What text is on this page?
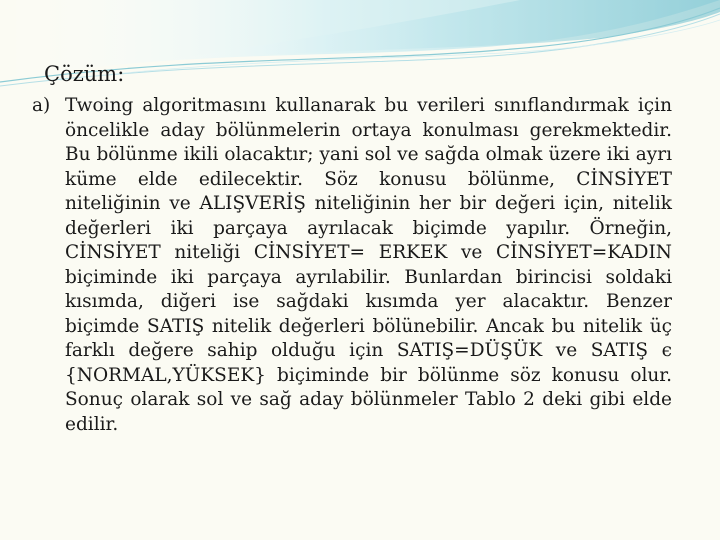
Çözüm:
a) Twoing algoritmasını kullanarak bu verileri sınıflandırmak için öncelikle aday bölünmelerin ortaya konulması gerekmektedir. Bu bölünme ikili olacaktır; yani sol ve sağda olmak üzere iki ayrı küme elde edilecektir. Söz konusu bölünme, CİNSİYET niteliğinin ve ALIŞVERİŞ niteliğinin her bir değeri için, nitelik değerleri iki parçaya ayrılacak biçimde yapılır. Örneğin, CİNSİYET niteliği CİNSİYET= ERKEK ve CİNSİYET=KADIN biçiminde iki parçaya ayrılabilir. Bunlardan birincisi soldaki kısımda, diğeri ise sağdaki kısımda yer alacaktır. Benzer biçimde SATIŞ nitelik değerleri bölünebilir. Ancak bu nitelik üç farklı değere sahip olduğu için SATIŞ=DÜŞÜK ve SATIŞ ϵ {NORMAL,YÜKSEK} biçiminde bir bölünme söz konusu olur. Sonuç olarak sol ve sağ aday bölünmeler Tablo 2 deki gibi elde edilir.
